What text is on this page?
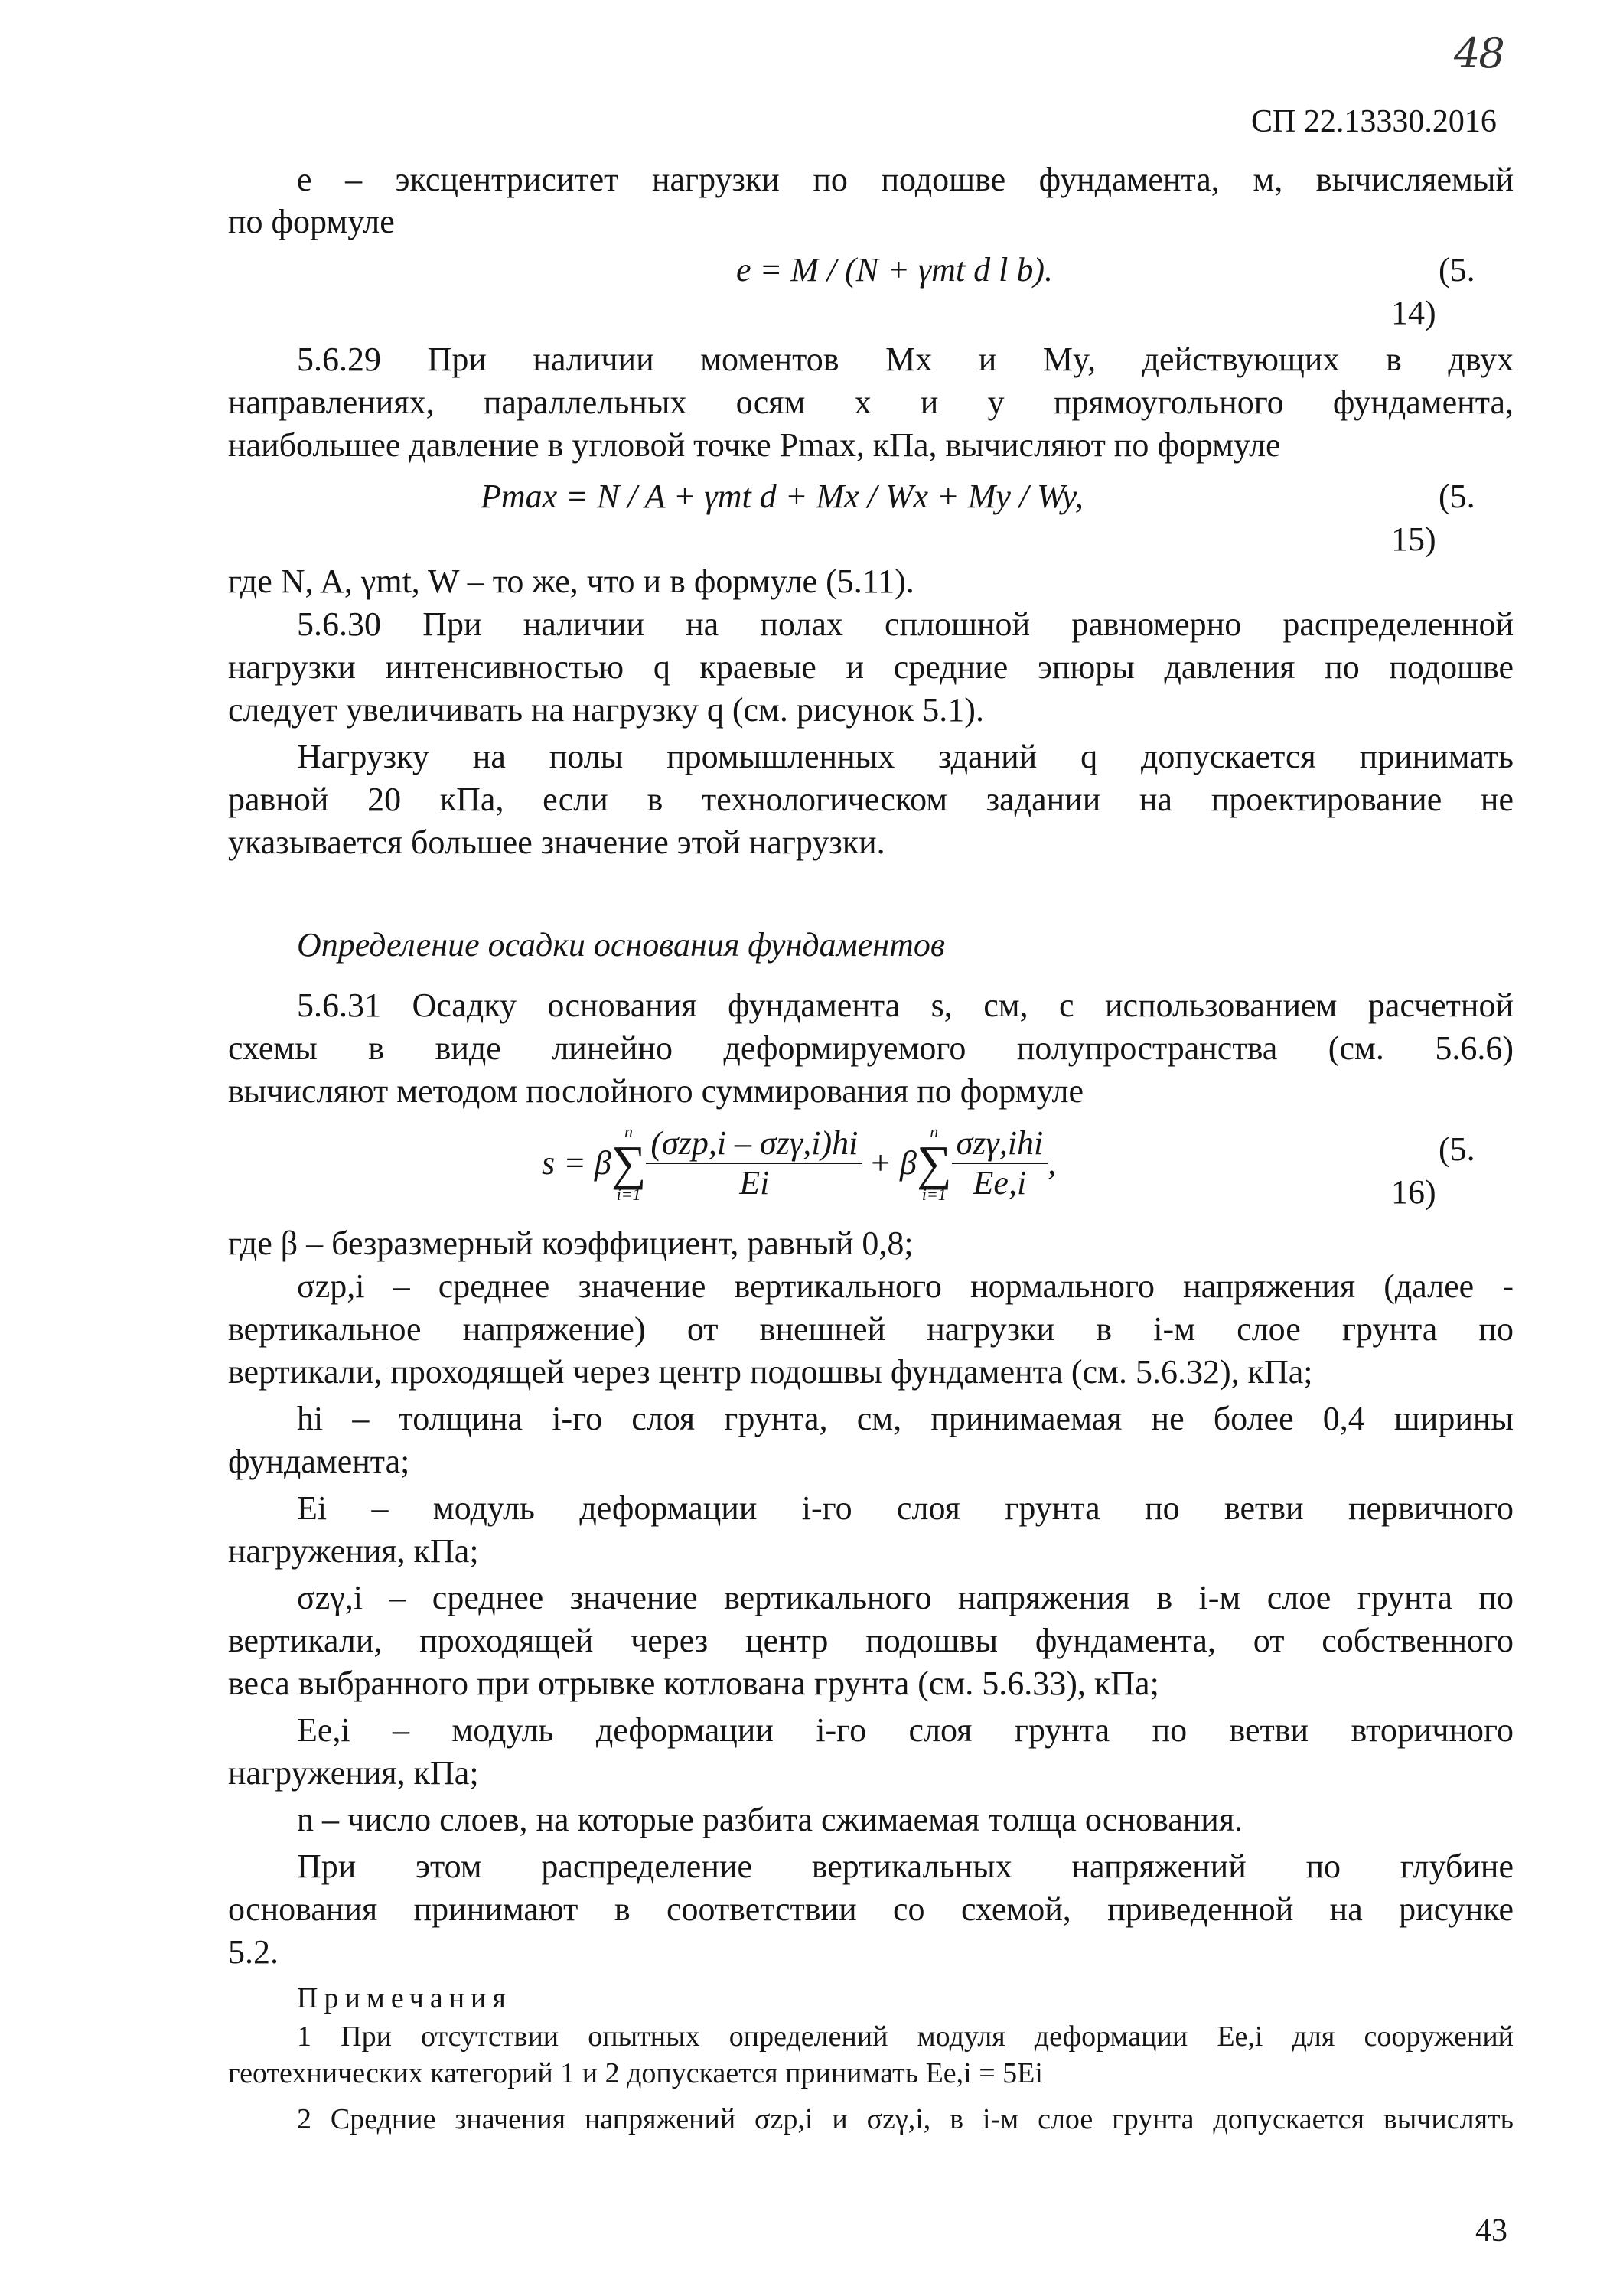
48
СП 22.13330.2016
e – эксцентриситет нагрузки по подошве фундамента, м, вычисляемый
по формуле
e = M / (N + γmt d l b).	(5.
14)
5.6.29 При наличии моментов Mx и My, действующих в двух
направлениях, параллельных осям x и y прямоугольного фундамента,
наибольшее давление в угловой точке Pmax, кПа, вычисляют по формуле
Pmax = N / A + γmt d + Mx / Wx + My / Wy,	(5.
15)
где N, A, γmt, W – то же, что и в формуле (5.11).
5.6.30 При наличии на полах сплошной равномерно распределенной
нагрузки интенсивностью q краевые и средние эпюры давления по подошве
следует увеличивать на нагрузку q (см. рисунок 5.1).
Нагрузку на полы промышленных зданий q допускается принимать
равной 20 кПа, если в технологическом задании на проектирование не
указывается большее значение этой нагрузки.
Определение осадки основания фундаментов
5.6.31 Осадку основания фундамента s, см, с использованием расчетной
схемы в виде линейно деформируемого полупространства (см. 5.6.6)
вычисляют методом послойного суммирования по формуле
s = β
n
∑
$i=1 \frac{\text{(σzp,i – σzγ,i)hi}}{Ei} + \beta$
n
∑
$i=1 \frac{\text{σzγ,ihi}}{Ee,i}$ ,	(5.
16)
где β – безразмерный коэффициент, равный 0,8;
σzp,i – среднее значение вертикального нормального напряжения (далее -
вертикальное напряжение) от внешней нагрузки в i-м слое грунта по
вертикали, проходящей через центр подошвы фундамента (см. 5.6.32), кПа;
hi – толщина i-го слоя грунта, см, принимаемая не более 0,4 ширины
фундамента;
Ei – модуль деформации i-го слоя грунта по ветви первичного
нагружения, кПа;
σzγ,i – среднее значение вертикального напряжения в i-м слое грунта по
вертикали, проходящей через центр подошвы фундамента, от собственного
веса выбранного при отрывке котлована грунта (см. 5.6.33), кПа;
Ee,i – модуль деформации i-го слоя грунта по ветви вторичного
нагружения, кПа;
n – число слоев, на которые разбита сжимаемая толща основания.
При этом распределение вертикальных напряжений по глубине
основания принимают в соответствии со схемой, приведенной на рисунке
5.2.
Примечания
1 При отсутствии опытных определений модуля деформации Ee,i для сооружений
геотехнических категорий 1 и 2 допускается принимать Ee,i = 5Ei
2 Средние значения напряжений σzp,i и σzγ,i, в i-м слое грунта допускается вычислять
43
